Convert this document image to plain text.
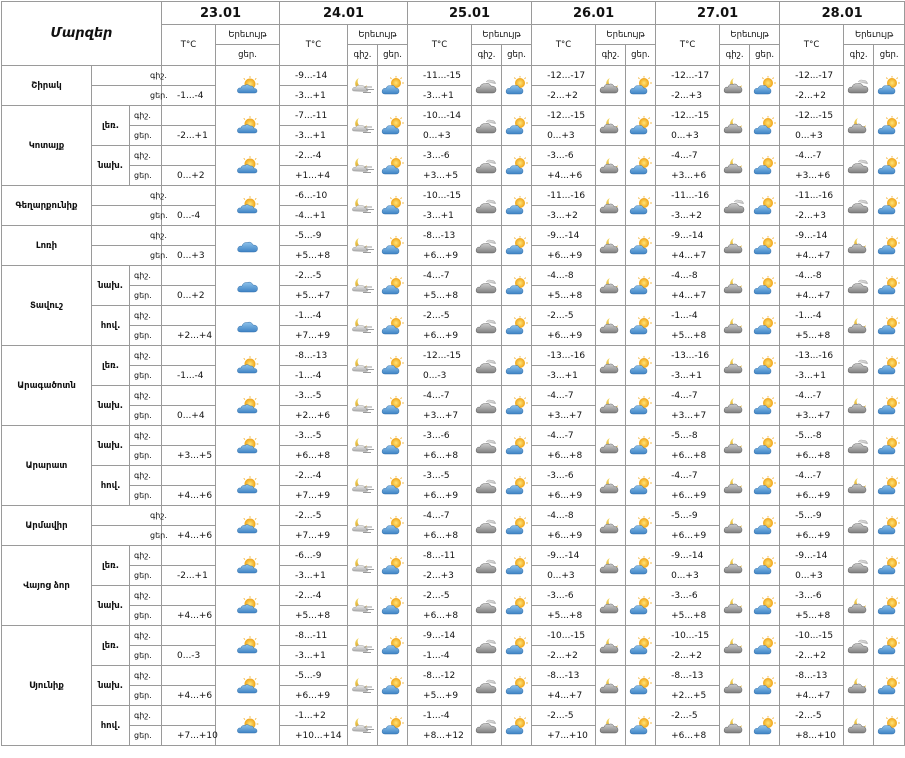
Մարզեր			23.01		24.01			25.01			26.01			27.01			28.01		
			T°C	Երեւույթ	T°C	Երեւույթ		T°C	Երեւույթ		T°C	Երեւույթ		T°C	Երեւույթ		T°C	Երեւույթ	
				ցեր.		գիշ.	ցեր.		գիշ.	ցեր.		գիշ.	ցեր.		գիշ.	ցեր.		գիշ.	ցեր.
Շիրակ	գիշ.				-9...-14			-11...-15			-12...-17			-12...-17			-12...-17	

	ցեր.		-1...-4		-3...+1			-3...+1			-2...+2			-2...+3			-2...+2		
Կոտայք	լեռ.	գիշ.			-7...-11			-10...-14			-12...-15			-12...-15			-12...-15	

		ցեր.	-2...+1		-3...+1			0...+3			0...+3			0...+3			0...+3		
	նախ.	գիշ.			-2...-4			-3...-6			-3...-6			-4...-7			-4...-7	

		ցեր.	0...+2		+1...+4			+3...+5			+4...+6			+3...+6			+3...+6		
Գեղարքունիք	գիշ.				-6...-10			-10...-15			-11...-16			-11...-16			-11...-16	

	ցեր.		0...-4		-4...+1			-3...+1			-3...+2			-3...+2			-2...+3		
Լոռի	գիշ.				-5...-9			-8...-13			-9...-14			-9...-14			-9...-14	

	ցեր.		0...+3		+5...+8			+6...+9			+6...+9			+4...+7			+4...+7		
Տավուշ	նախ.	գիշ.			-2...-5			-4...-7			-4...-8			-4...-8			-4...-8	

		ցեր.	0...+2		+5...+7			+5...+8			+5...+8			+4...+7			+4...+7		
	հով.	գիշ.			-1...-4			-2...-5			-2...-5			-1...-4			-1...-4	

		ցեր.	+2...+4		+7...+9			+6...+9			+6...+9			+5...+8			+5...+8		
Արագածոտն	լեռ.	գիշ.			-8...-13			-12...-15			-13...-16			-13...-16			-13...-16	

		ցեր.	-1...-4		-1...-4			0...-3			-3...+1			-3...+1			-3...+1		
	նախ.	գիշ.			-3...-5			-4...-7			-4...-7			-4...-7			-4...-7	

		ցեր.	0...+4		+2...+6			+3...+7			+3...+7			+3...+7			+3...+7		
Արարատ	նախ.	գիշ.			-3...-5			-3...-6			-4...-7			-5...-8			-5...-8	

		ցեր.	+3...+5		+6...+8			+6...+8			+6...+8			+6...+8			+6...+8		
	հով.	գիշ.			-2...-4			-3...-5			-3...-6			-4...-7			-4...-7	

		ցեր.	+4...+6		+7...+9			+6...+9			+6...+9			+6...+9			+6...+9		
Արմավիր	գիշ.				-2...-5			-4...-7			-4...-8			-5...-9			-5...-9	

	ցեր.		+4...+6		+7...+9			+6...+8			+6...+9			+6...+9			+6...+9		
Վայոց ձոր	լեռ.	գիշ.			-6...-9			-8...-11			-9...-14			-9...-14			-9...-14	

		ցեր.	-2...+1		-3...+1			-2...+3			0...+3			0...+3			0...+3		
	նախ.	գիշ.			-2...-4			-2...-5			-3...-6			-3...-6			-3...-6	

		ցեր.	+4...+6		+5...+8			+6...+8			+5...+8			+5...+8			+5...+8		
Սյունիք	լեռ.	գիշ.			-8...-11			-9...-14			-10...-15			-10...-15			-10...-15	

		ցեր.	0...-3		-3...+1			-1...-4			-2...+2			-2...+2			-2...+2		
	նախ.	գիշ.			-5...-9			-8...-12			-8...-13			-8...-13			-8...-13	

		ցեր.	+4...+6		+6...+9			+5...+9			+4...+7			+2...+5			+4...+7		
	հով.	գիշ.			-1...+2			-1...-4			-2...-5			-2...-5			-2...-5	

		ցեր.	+7...+10		+10...+14			+8...+12			+7...+10			+6...+8			+8...+10		
